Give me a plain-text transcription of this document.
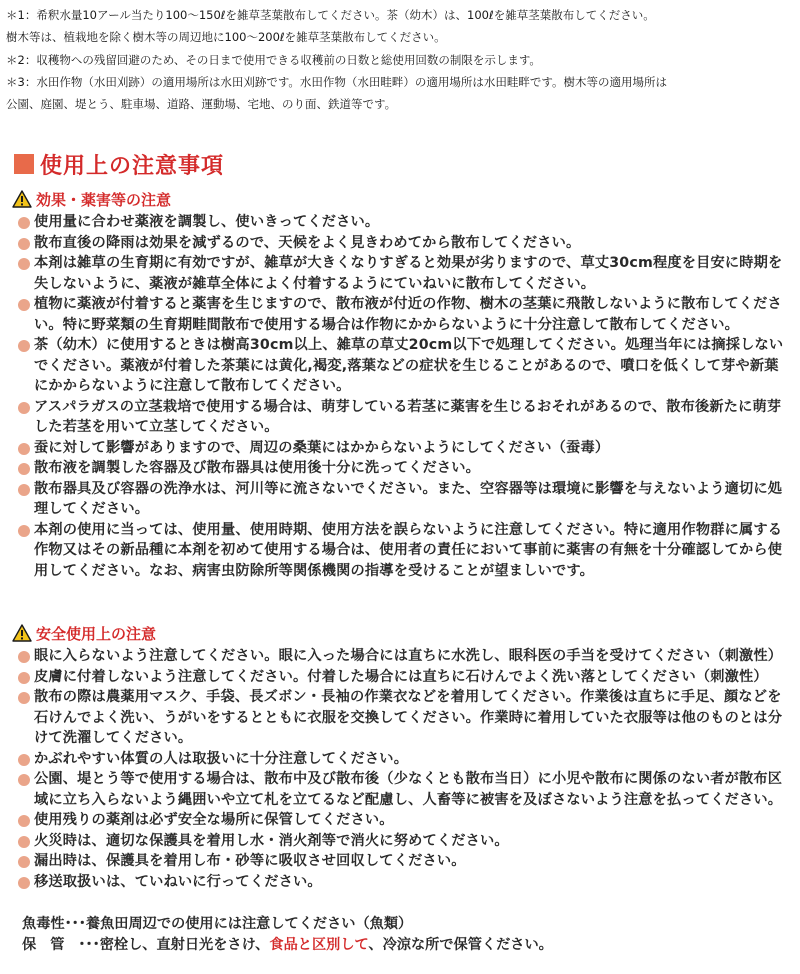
＊1：希釈水量10アール当たり100～150ℓを雑草茎葉散布してください。茶（幼木）は、100ℓを雑草茎葉散布してください。
樹木等は、植栽地を除く樹木等の周辺地に100～200ℓを雑草茎葉散布してください。
＊2：収穫物への残留回避のため、その日まで使用できる収穫前の日数と総使用回数の制限を示します。
＊3：水田作物（水田刈跡）の適用場所は水田刈跡です。水田作物（水田畦畔）の適用場所は水田畦畔です。樹木等の適用場所は
公園、庭園、堤とう、駐車場、道路、運動場、宅地、のり面、鉄道等です。
使用上の注意事項
効果・薬害等の注意
使用量に合わせ薬液を調製し、使いきってください。
散布直後の降雨は効果を減ずるので、天候をよく見きわめてから散布してください。
本剤は雑草の生育期に有効ですが、雑草が大きくなりすぎると効果が劣りますので、草丈30cm程度を目安に時期を失しないように、薬液が雑草全体によく付着するようにていねいに散布してください。
植物に薬液が付着すると薬害を生じますので、散布液が付近の作物、樹木の茎葉に飛散しないように散布してください。特に野菜類の生育期畦間散布で使用する場合は作物にかからないように十分注意して散布してください。
茶（幼木）に使用するときは樹高30cm以上、雑草の草丈20cm以下で処理してください。処理当年には摘採しないでください。薬液が付着した茶葉には黄化,褐変,落葉などの症状を生じることがあるので、噴口を低くして芽や新葉にかからないように注意して散布してください。
アスパラガスの立茎栽培で使用する場合は、萌芽している若茎に薬害を生じるおそれがあるので、散布後新たに萌芽した若茎を用いて立茎してください。
蚕に対して影響がありますので、周辺の桑葉にはかからないようにしてください（蚕毒）
散布液を調製した容器及び散布器具は使用後十分に洗ってください。
散布器具及び容器の洗浄水は、河川等に流さないでください。また、空容器等は環境に影響を与えないよう適切に処理してください。
本剤の使用に当っては、使用量、使用時期、使用方法を誤らないように注意してください。特に適用作物群に属する作物又はその新品種に本剤を初めて使用する場合は、使用者の責任において事前に薬害の有無を十分確認してから使用してください。なお、病害虫防除所等関係機関の指導を受けることが望ましいです。
安全使用上の注意
眼に入らないよう注意してください。眼に入った場合には直ちに水洗し、眼科医の手当を受けてください（刺激性）
皮膚に付着しないよう注意してください。付着した場合には直ちに石けんでよく洗い落としてください（刺激性）
散布の際は農薬用マスク、手袋、長ズボン・長袖の作業衣などを着用してください。作業後は直ちに手足、顔などを石けんでよく洗い、うがいをするとともに衣服を交換してください。作業時に着用していた衣服等は他のものとは分けて洗濯してください。
かぶれやすい体質の人は取扱いに十分注意してください。
公園、堤とう等で使用する場合は、散布中及び散布後（少なくとも散布当日）に小児や散布に関係のない者が散布区域に立ち入らないよう縄囲いや立て札を立てるなど配慮し、人畜等に被害を及ぼさないよう注意を払ってください。
使用残りの薬剤は必ず安全な場所に保管してください。
火災時は、適切な保護具を着用し水・消火剤等で消火に努めてください。
漏出時は、保護具を着用し布・砂等に吸収させ回収してください。
移送取扱いは、ていねいに行ってください。
魚毒性･･･養魚田周辺での使用には注意してください（魚類）
保管･･･密栓し、直射日光をさけ、食品と区別して、冷涼な所で保管ください。
